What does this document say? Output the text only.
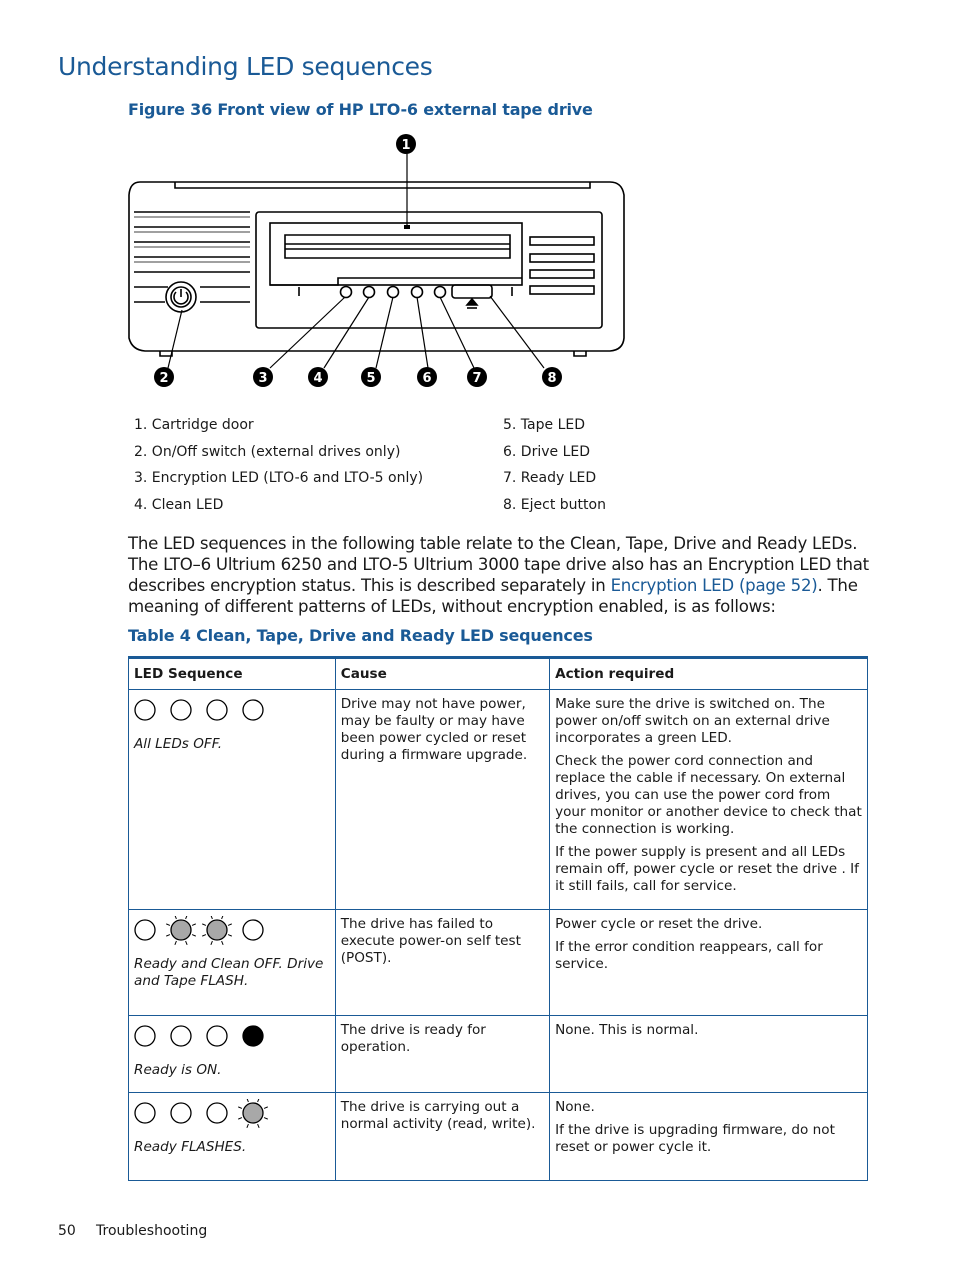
Understanding LED sequences
Figure 36 Front view of HP LTO-6 external tape drive
1
2	3	4	5	6	7	8
1. Cartridge door
2. On/Off switch (external drives only)
3. Encryption LED (LTO-6 and LTO-5 only)
4. Clean LED
5. Tape LED
6. Drive LED
7. Ready LED
8. Eject button

The LED sequences in the following table relate to the Clean, Tape, Drive and Ready LEDs. The LTO–6 Ultrium 6250 and LTO-5 Ultrium 3000 tape drive also has an Encryption LED that describes encryption status. This is described separately in Encryption LED (page 52). The meaning of different patterns of LEDs, without encryption enabled, is as follows:

Table 4 Clean, Tape, Drive and Ready LED sequences
LED Sequence	Cause	Action required

All LEDs OFF.	Drive may not have power, may be faulty or may have been power cycled or reset during a firmware upgrade.	Make sure the drive is switched on. The power on/off switch on an external drive incorporates a green LED.

Check the power cord connection and replace the cable if necessary. On external drives, you can use the power cord from your monitor or another device to check that the connection is working.

If the power supply is present and all LEDs remain off, power cycle or reset the drive . If it still fails, call for service.

Ready and Clean OFF. Drive and Tape FLASH.	The drive has failed to execute power-on self test (POST).	Power cycle or reset the drive.

If the error condition reappears, call for service.

Ready is ON.	The drive is ready for operation.	None. This is normal.

Ready FLASHES.	The drive is carrying out a normal activity (read, write).	None.

If the drive is upgrading firmware, do not reset or power cycle it.

50 Troubleshooting
